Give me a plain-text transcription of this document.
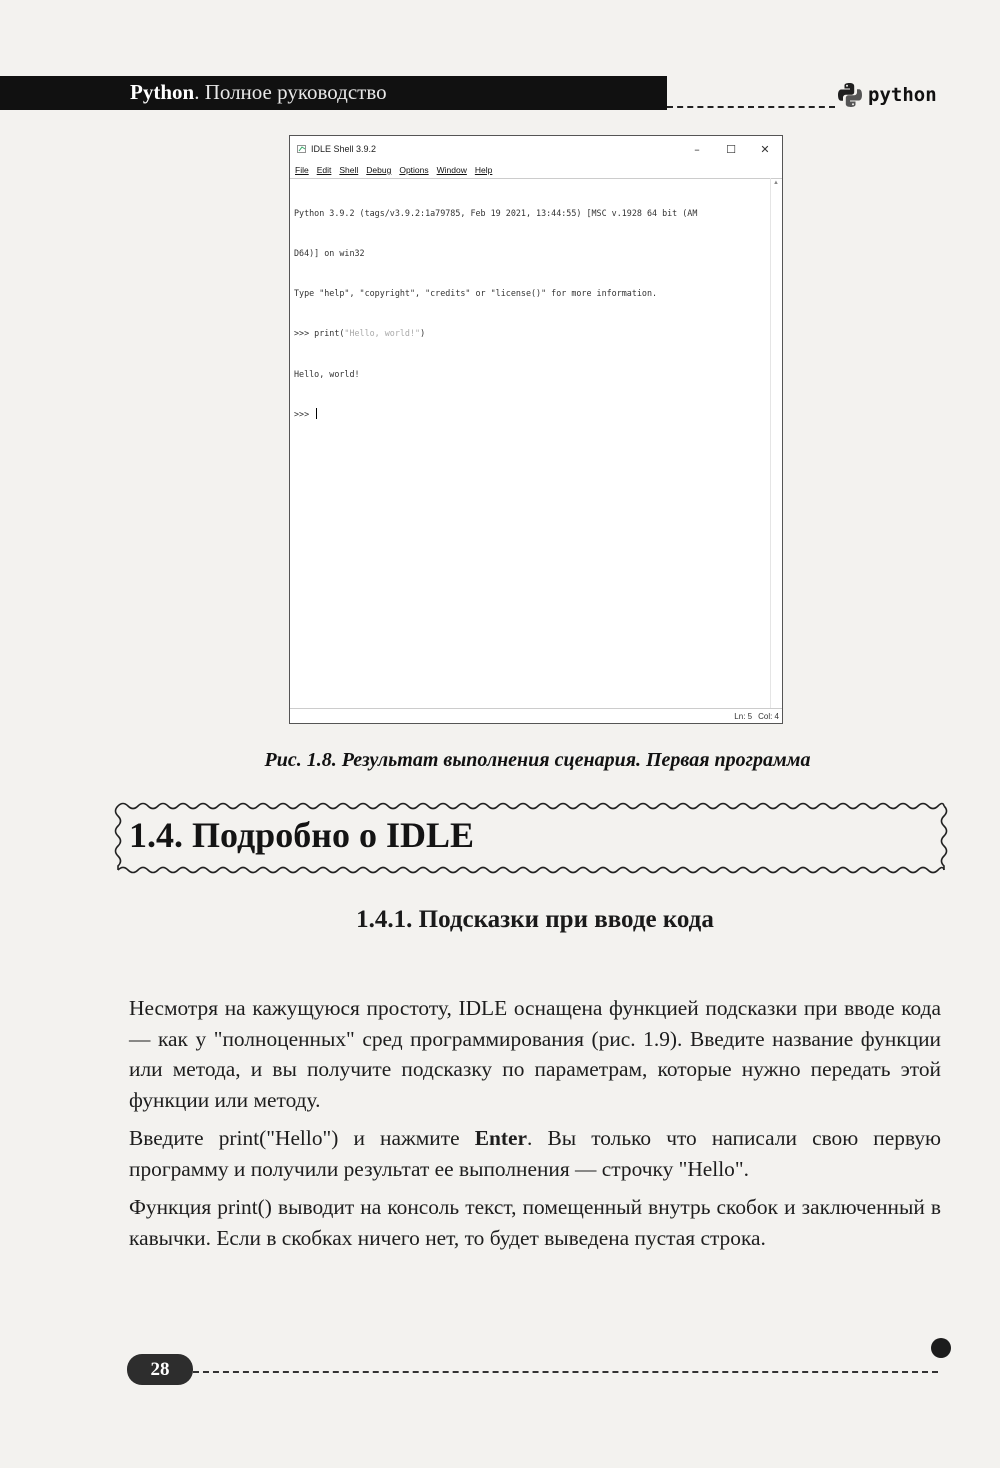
Python. Полное руководство	python
IDLE Shell 3.9.2	–	☐	✕
File Edit Shell Debug Options Window Help

Python 3.9.2 (tags/v3.9.2:1a79785, Feb 19 2021, 13:44:55) [MSC v.1928 64 bit (AM

D64)] on win32

Type "help", "copyright", "credits" or "license()" for more information.

>>> print("Hello, world!")

Hello, world!

>>>

▲
Ln: 5 Col: 4
Рис. 1.8. Результат выполнения сценария. Первая программа
1.4. Подробно о IDLE
1.4.1. Подсказки при вводе кода

Несмотря на кажущуюся простоту, IDLE оснащена функцией подсказки при вводе кода — как у "полноценных" сред программирования (рис. 1.9). Введите название функции или метода, и вы получите подсказку по параметрам, которые нужно передать этой функции или методу.

Введите print("Hello") и нажмите Enter. Вы только что написали свою первую программу и получили результат ее выполнения — строчку "Hello".

Функция print() выводит на консоль текст, помещенный внутрь скобок и заключенный в кавычки. Если в скобках ничего нет, то будет выведена пустая строка.

28
